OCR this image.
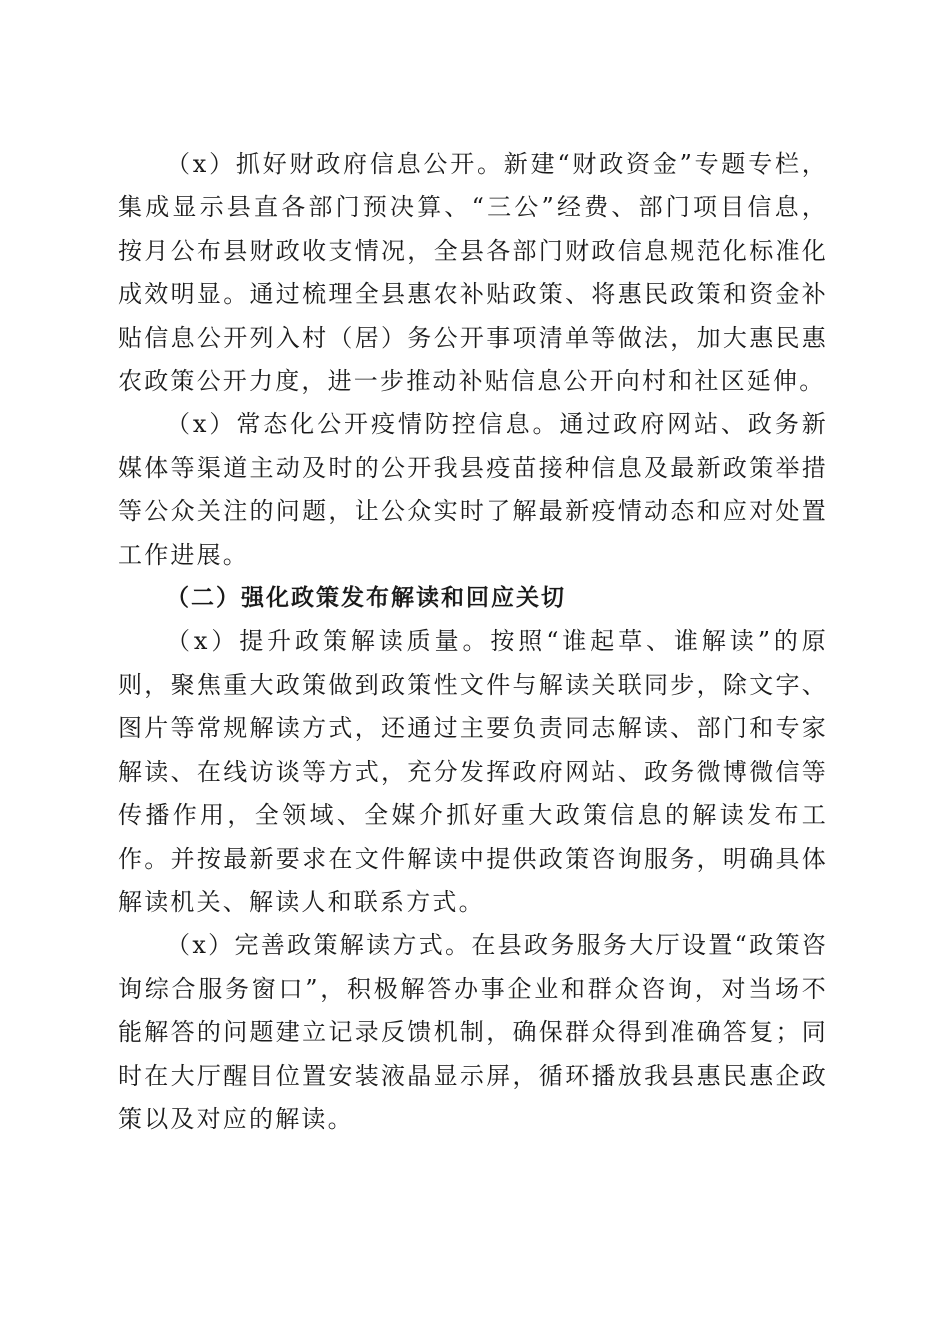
（x）抓好财政府信息公开。新建“财政资金”专题专栏，集成显示县直各部门预决算、“三公”经费、部门项目信息，按月公布县财政收支情况，全县各部门财政信息规范化标准化成效明显。通过梳理全县惠农补贴政策、将惠民政策和资金补贴信息公开列入村（居）务公开事项清单等做法，加大惠民惠农政策公开力度，进一步推动补贴信息公开向村和社区延伸。

（x）常态化公开疫情防控信息。通过政府网站、政务新媒体等渠道主动及时的公开我县疫苗接种信息及最新政策举措等公众关注的问题，让公众实时了解最新疫情动态和应对处置工作进展。

（二）强化政策发布解读和回应关切

（x）提升政策解读质量。按照“谁起草、谁解读”的原则，聚焦重大政策做到政策性文件与解读关联同步，除文字、图片等常规解读方式，还通过主要负责同志解读、部门和专家解读、在线访谈等方式，充分发挥政府网站、政务微博微信等传播作用，全领域、全媒介抓好重大政策信息的解读发布工作。并按最新要求在文件解读中提供政策咨询服务，明确具体解读机关、解读人和联系方式。

（x）完善政策解读方式。在县政务服务大厅设置“政策咨询综合服务窗口”，积极解答办事企业和群众咨询，对当场不能解答的问题建立记录反馈机制，确保群众得到准确答复；同时在大厅醒目位置安装液晶显示屏，循环播放我县惠民惠企政策以及对应的解读。
